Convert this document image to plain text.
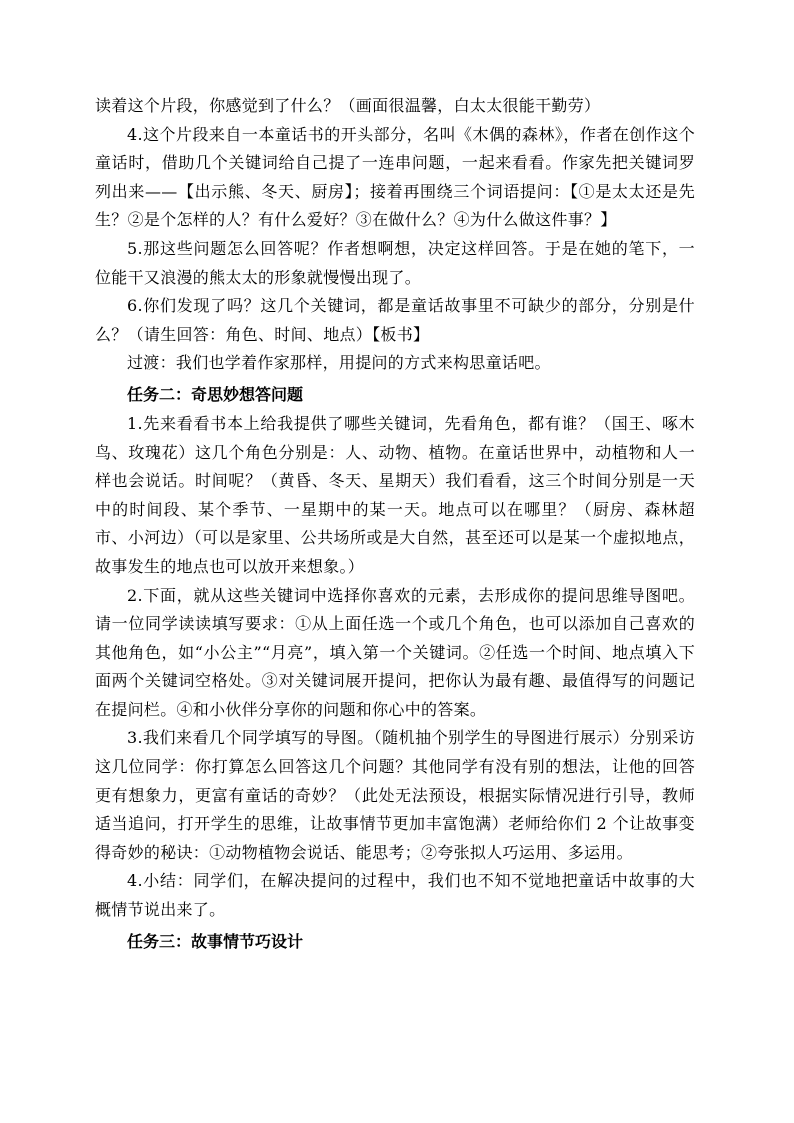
读着这个片段，你感觉到了什么？（画面很温馨，白太太很能干勤劳）

4.这个片段来自一本童话书的开头部分，名叫《木偶的森林》，作者在创作这个童话时，借助几个关键词给自己提了一连串问题，一起来看看。作家先把关键词罗列出来——【出示熊、冬天、厨房】；接着再围绕三个词语提问：【①是太太还是先生？②是个怎样的人？有什么爱好？③在做什么？④为什么做这件事？】

5.那这些问题怎么回答呢？作者想啊想，决定这样回答。于是在她的笔下，一位能干又浪漫的熊太太的形象就慢慢出现了。

6.你们发现了吗？这几个关键词，都是童话故事里不可缺少的部分，分别是什么？（请生回答：角色、时间、地点）【板书】

过渡：我们也学着作家那样，用提问的方式来构思童话吧。

任务二：奇思妙想答问题

1.先来看看书本上给我提供了哪些关键词，先看角色，都有谁？（国王、啄木鸟、玫瑰花）这几个角色分别是：人、动物、植物。在童话世界中，动植物和人一样也会说话。时间呢？（黄昏、冬天、星期天）我们看看，这三个时间分别是一天中的时间段、某个季节、一星期中的某一天。地点可以在哪里？（厨房、森林超市、小河边）（可以是家里、公共场所或是大自然，甚至还可以是某一个虚拟地点，故事发生的地点也可以放开来想象。）

2.下面，就从这些关键词中选择你喜欢的元素，去形成你的提问思维导图吧。请一位同学读读填写要求：①从上面任选一个或几个角色，也可以添加自己喜欢的其他角色，如“小公主”“月亮”，填入第一个关键词。②任选一个时间、地点填入下面两个关键词空格处。③对关键词展开提问，把你认为最有趣、最值得写的问题记在提问栏。④和小伙伴分享你的问题和你心中的答案。

3.我们来看几个同学填写的导图。（随机抽个别学生的导图进行展示）分别采访这几位同学：你打算怎么回答这几个问题？其他同学有没有别的想法，让他的回答更有想象力，更富有童话的奇妙？（此处无法预设，根据实际情况进行引导，教师适当追问，打开学生的思维，让故事情节更加丰富饱满）老师给你们 2 个让故事变得奇妙的秘诀：①动物植物会说话、能思考；②夸张拟人巧运用、多运用。

4.小结：同学们，在解决提问的过程中，我们也不知不觉地把童话中故事的大概情节说出来了。

任务三：故事情节巧设计
